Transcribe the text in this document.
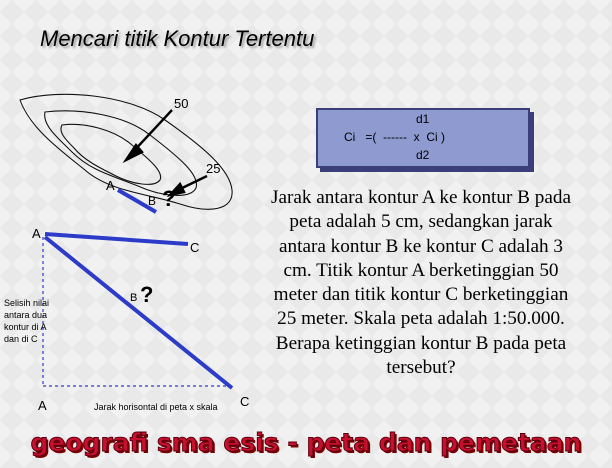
Mencari titik Kontur Tertentu
50
25
A
B ?
A
C
B ?
A	C
Selisih nilai
antara dua
kontur di A
dan di C
Jarak horisontal di peta x skala
d1
Ci   =(  ------  x  Ci )
d2

Jarak antara kontur A ke kontur B pada peta adalah 5 cm, sedangkan jarak antara kontur B ke kontur C adalah 3 cm. Titik kontur A berketinggian 50 meter dan titik kontur C berketinggian 25 meter. Skala peta adalah 1:50.000. Berapa ketinggian kontur B pada peta tersebut?

geografi sma esis - peta dan pemetaan
